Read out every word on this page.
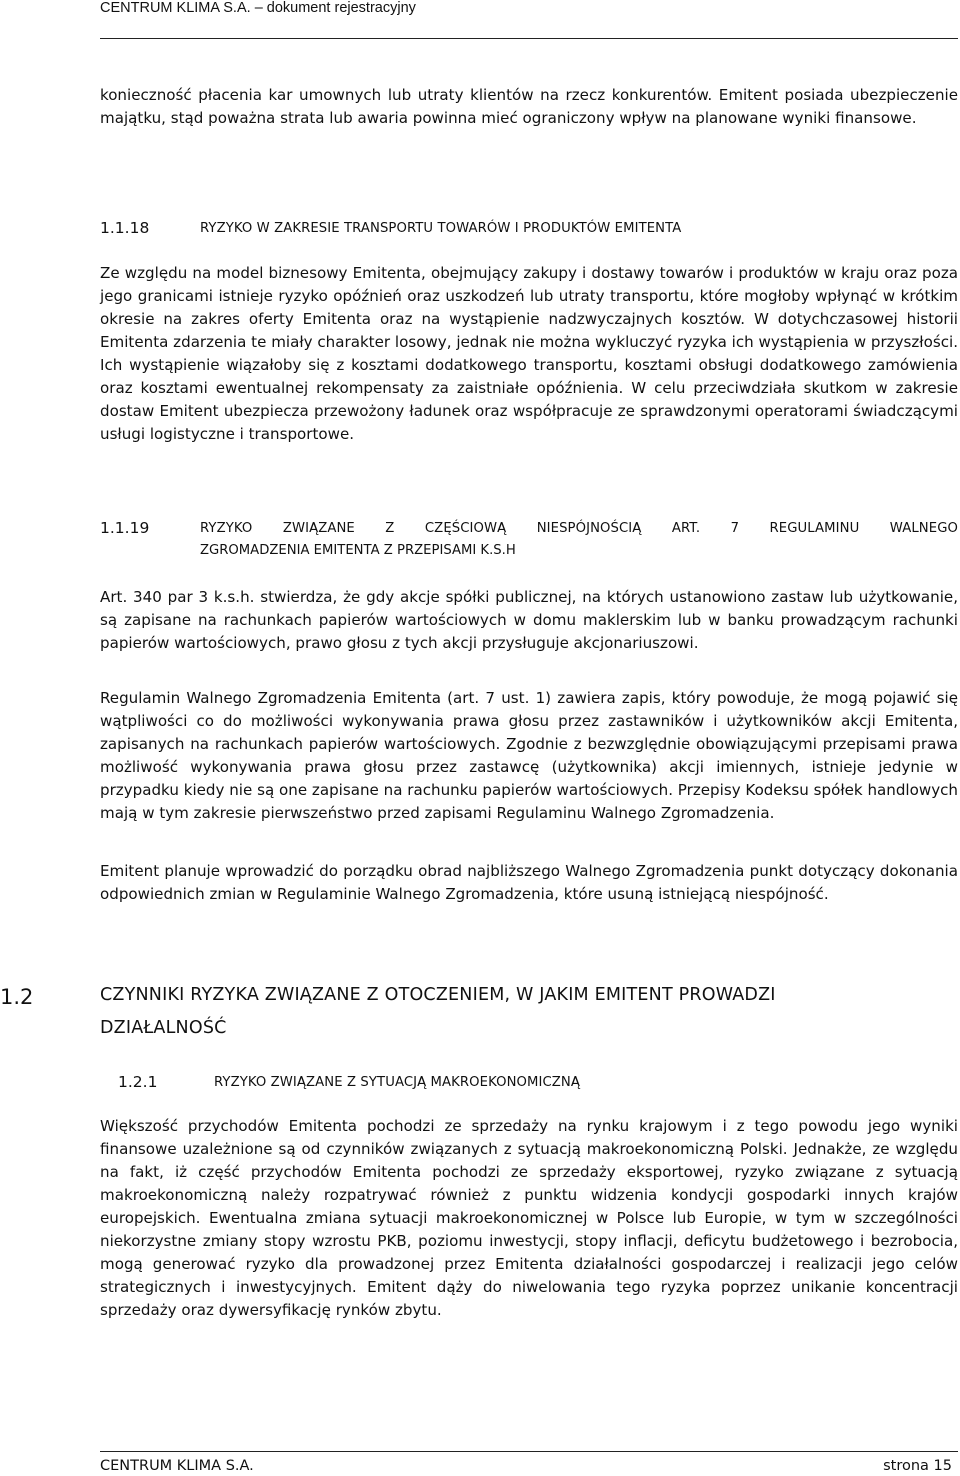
CENTRUM KLIMA S.A. – dokument rejestracyjny

konieczność płacenia kar umownych lub utraty klientów na rzecz konkurentów. Emitent posiada ubezpieczenie majątku, stąd poważna strata lub awaria powinna mieć ograniczony wpływ na planowane wyniki finansowe.

1.1.18	RYZYKO W ZAKRESIE TRANSPORTU TOWARÓW I PRODUKTÓW EMITENTA

Ze względu na model biznesowy Emitenta, obejmujący zakupy i dostawy towarów i produktów w kraju oraz poza jego granicami istnieje ryzyko opóźnień oraz uszkodzeń lub utraty transportu, które mogłoby wpłynąć w krótkim okresie na zakres oferty Emitenta oraz na wystąpienie nadzwyczajnych kosztów. W dotychczasowej historii Emitenta zdarzenia te miały charakter losowy, jednak nie można wykluczyć ryzyka ich wystąpienia w przyszłości. Ich wystąpienie wiązałoby się z kosztami dodatkowego transportu, kosztami obsługi dodatkowego zamówienia oraz kosztami ewentualnej rekompensaty za zaistniałe opóźnienia. W celu przeciwdziała skutkom w zakresie dostaw Emitent ubezpiecza przewożony ładunek oraz współpracuje ze sprawdzonymi operatorami świadczącymi usługi logistyczne i transportowe.

1.1.19	RYZYKO ZWIĄZANE Z CZĘŚCIOWĄ NIESPÓJNOŚCIĄ ART. 7 REGULAMINU WALNEGO
ZGROMADZENIA EMITENTA Z PRZEPISAMI K.S.H

Art. 340 par 3 k.s.h. stwierdza, że gdy akcje spółki publicznej, na których ustanowiono zastaw lub użytkowanie, są zapisane na rachunkach papierów wartościowych w domu maklerskim lub w banku prowadzącym rachunki papierów wartościowych, prawo głosu z tych akcji przysługuje akcjonariuszowi.

Regulamin Walnego Zgromadzenia Emitenta (art. 7 ust. 1) zawiera zapis, który powoduje, że mogą pojawić się wątpliwości co do możliwości wykonywania prawa głosu przez zastawników i użytkowników akcji Emitenta, zapisanych na rachunkach papierów wartościowych. Zgodnie z bezwzględnie obowiązującymi przepisami prawa możliwość wykonywania prawa głosu przez zastawcę (użytkownika) akcji imiennych, istnieje jedynie w przypadku kiedy nie są one zapisane na rachunku papierów wartościowych. Przepisy Kodeksu spółek handlowych mają w tym zakresie pierwszeństwo przed zapisami Regulaminu Walnego Zgromadzenia.

Emitent planuje wprowadzić do porządku obrad najbliższego Walnego Zgromadzenia punkt dotyczący dokonania odpowiednich zmian w Regulaminie Walnego Zgromadzenia, które usuną istniejącą niespójność.

1.2	CZYNNIKI RYZYKA ZWIĄZANE Z OTOCZENIEM, W JAKIM EMITENT PROWADZI
DZIAŁALNOŚĆ
1.2.1	RYZYKO ZWIĄZANE Z SYTUACJĄ MAKROEKONOMICZNĄ

Większość przychodów Emitenta pochodzi ze sprzedaży na rynku krajowym i z tego powodu jego wyniki finansowe uzależnione są od czynników związanych z sytuacją makroekonomiczną Polski. Jednakże, ze względu na fakt, iż część przychodów Emitenta pochodzi ze sprzedaży eksportowej, ryzyko związane z sytuacją makroekonomiczną należy rozpatrywać również z punktu widzenia kondycji gospodarki innych krajów europejskich. Ewentualna zmiana sytuacji makroekonomicznej w Polsce lub Europie, w tym w szczególności niekorzystne zmiany stopy wzrostu PKB, poziomu inwestycji, stopy inflacji, deficytu budżetowego i bezrobocia, mogą generować ryzyko dla prowadzonej przez Emitenta działalności gospodarczej i realizacji jego celów strategicznych i inwestycyjnych. Emitent dąży do niwelowania tego ryzyka poprzez unikanie koncentracji sprzedaży oraz dywersyfikację rynków zbytu.

CENTRUM KLIMA S.A.	strona 15
